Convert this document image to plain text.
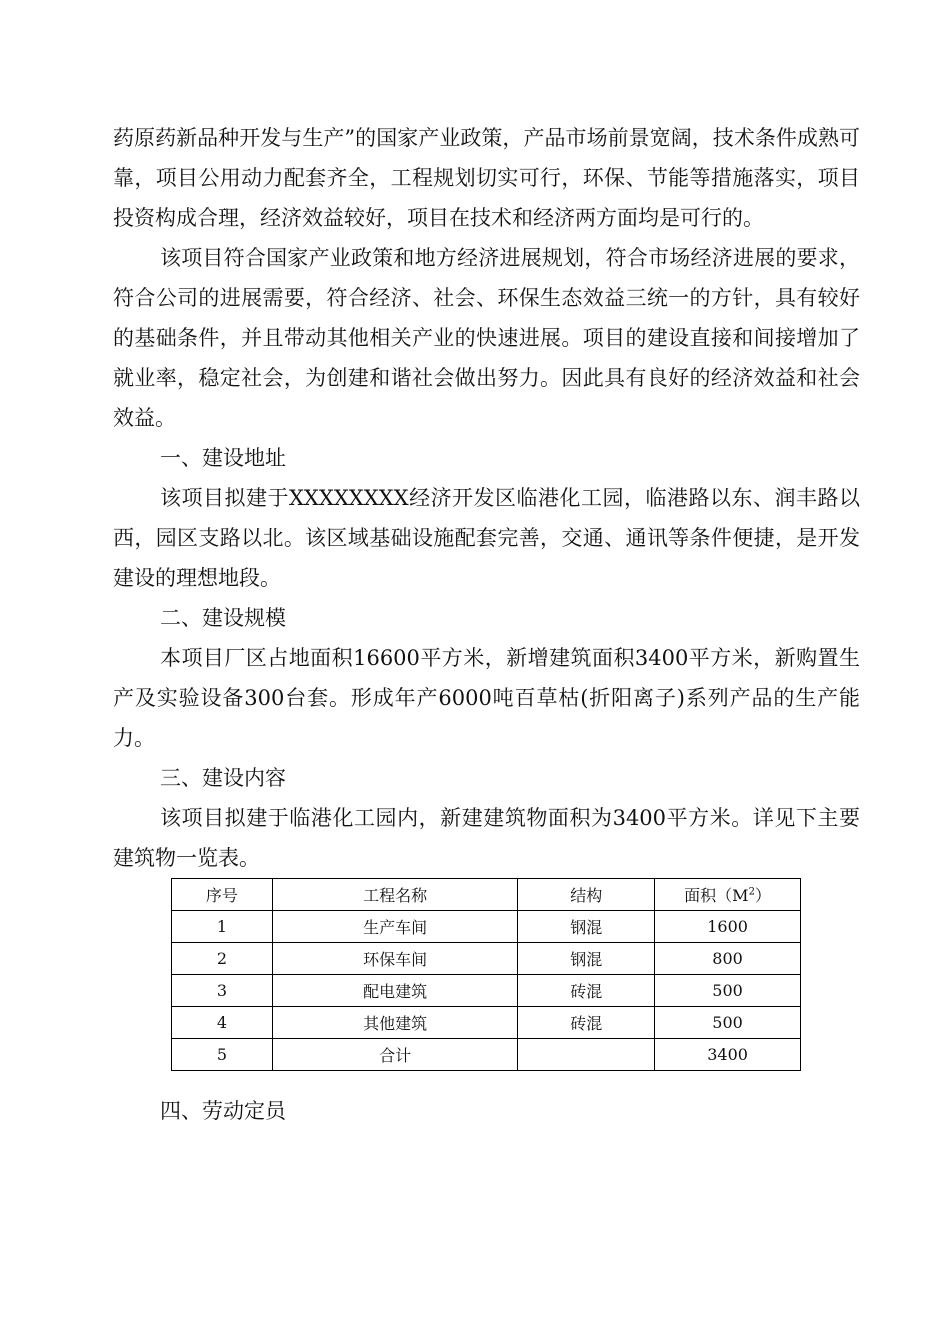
药原药新品种开发与生产”的国家产业政策，产品市场前景宽阔，技术条件成熟可靠，项目公用动力配套齐全，工程规划切实可行，环保、节能等措施落实，项目投资构成合理，经济效益较好，项目在技术和经济两方面均是可行的。

该项目符合国家产业政策和地方经济进展规划，符合市场经济进展的要求，符合公司的进展需要，符合经济、社会、环保生态效益三统一的方针，具有较好的基础条件，并且带动其他相关产业的快速进展。项目的建设直接和间接增加了就业率，稳定社会，为创建和谐社会做出努力。因此具有良好的经济效益和社会效益。

一、建设地址

该项目拟建于XXXXXXXX经济开发区临港化工园，临港路以东、润丰路以西，园区支路以北。该区域基础设施配套完善，交通、通讯等条件便捷，是开发建设的理想地段。

二、建设规模

本项目厂区占地面积16600平方米，新增建筑面积3400平方米，新购置生产及实验设备300台套。形成年产6000吨百草枯(折阳离子)系列产品的生产能力。

三、建设内容

该项目拟建于临港化工园内，新建建筑物面积为3400平方米。详见下主要建筑物一览表。

序号	工程名称	结构	面积$(M^2)$
1	生产车间	钢混	1600
2	环保车间	钢混	800
3	配电建筑	砖混	500
4	其他建筑	砖混	500
5	合计		3400
四、劳动定员
